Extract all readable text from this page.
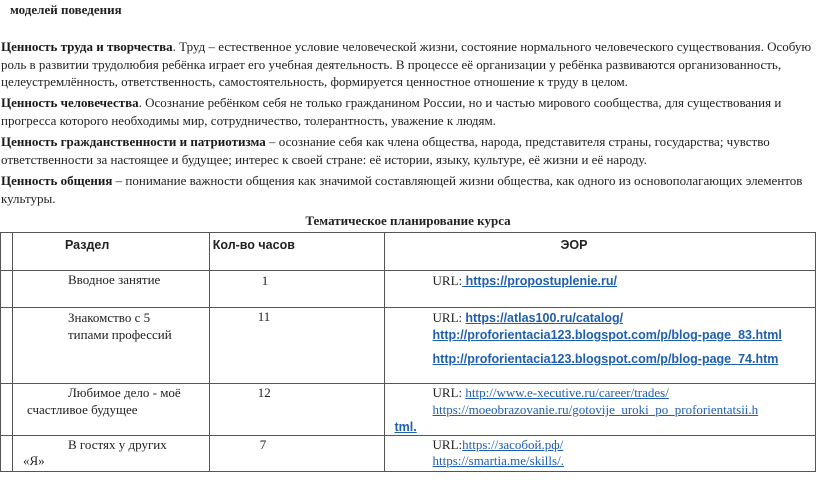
моделей поведения
Ценность труда и творчества. Труд – естественное условие человеческой жизни, состояние нормального человеческого существования. Особую роль в развитии трудолюбия ребёнка играет его учебная деятельность. В процессе её организации у ребёнка развиваются организованность, целеустремлённость, ответственность, самостоятельность, формируется ценностное отношение к труду в целом.
Ценность человечества. Осознание ребёнком себя не только гражданином России, но и частью мирового сообщества, для существования и прогресса которого необходимы мир, сотрудничество, толерантность, уважение к людям.
Ценность гражданственности и патриотизма – осознание себя как члена общества, народа, представителя страны, государства; чувство ответственности за настоящее и будущее; интерес к своей стране: её истории, языку, культуре, её жизни и её народу.
Ценность общения – понимание важности общения как значимой составляющей жизни общества, как одного из основополагающих элементов культуры.
Тематическое планирование курса

	Раздел	Кол-во часов	ЭОР

	Вводное занятие	1	URL: https://propostuplenie.ru/

	Знакомство с 5
типами профессий	11	URL: https://atlas100.ru/catalog/
http://proforientacia123.blogspot.com/p/blog-page_83.html
http://proforientacia123.blogspot.com/p/blog-page_74.htm

	Любимое дело - моё
счастливое будущее	12	URL: http://www.e-xecutive.ru/career/trades/
https://moeobrazovanie.ru/gotovije_uroki_po_proforientatsii.h
tml.

	В гостях у других
«Я»	7	URL:https://засобой.рф/
https://smartia.me/skills/.
